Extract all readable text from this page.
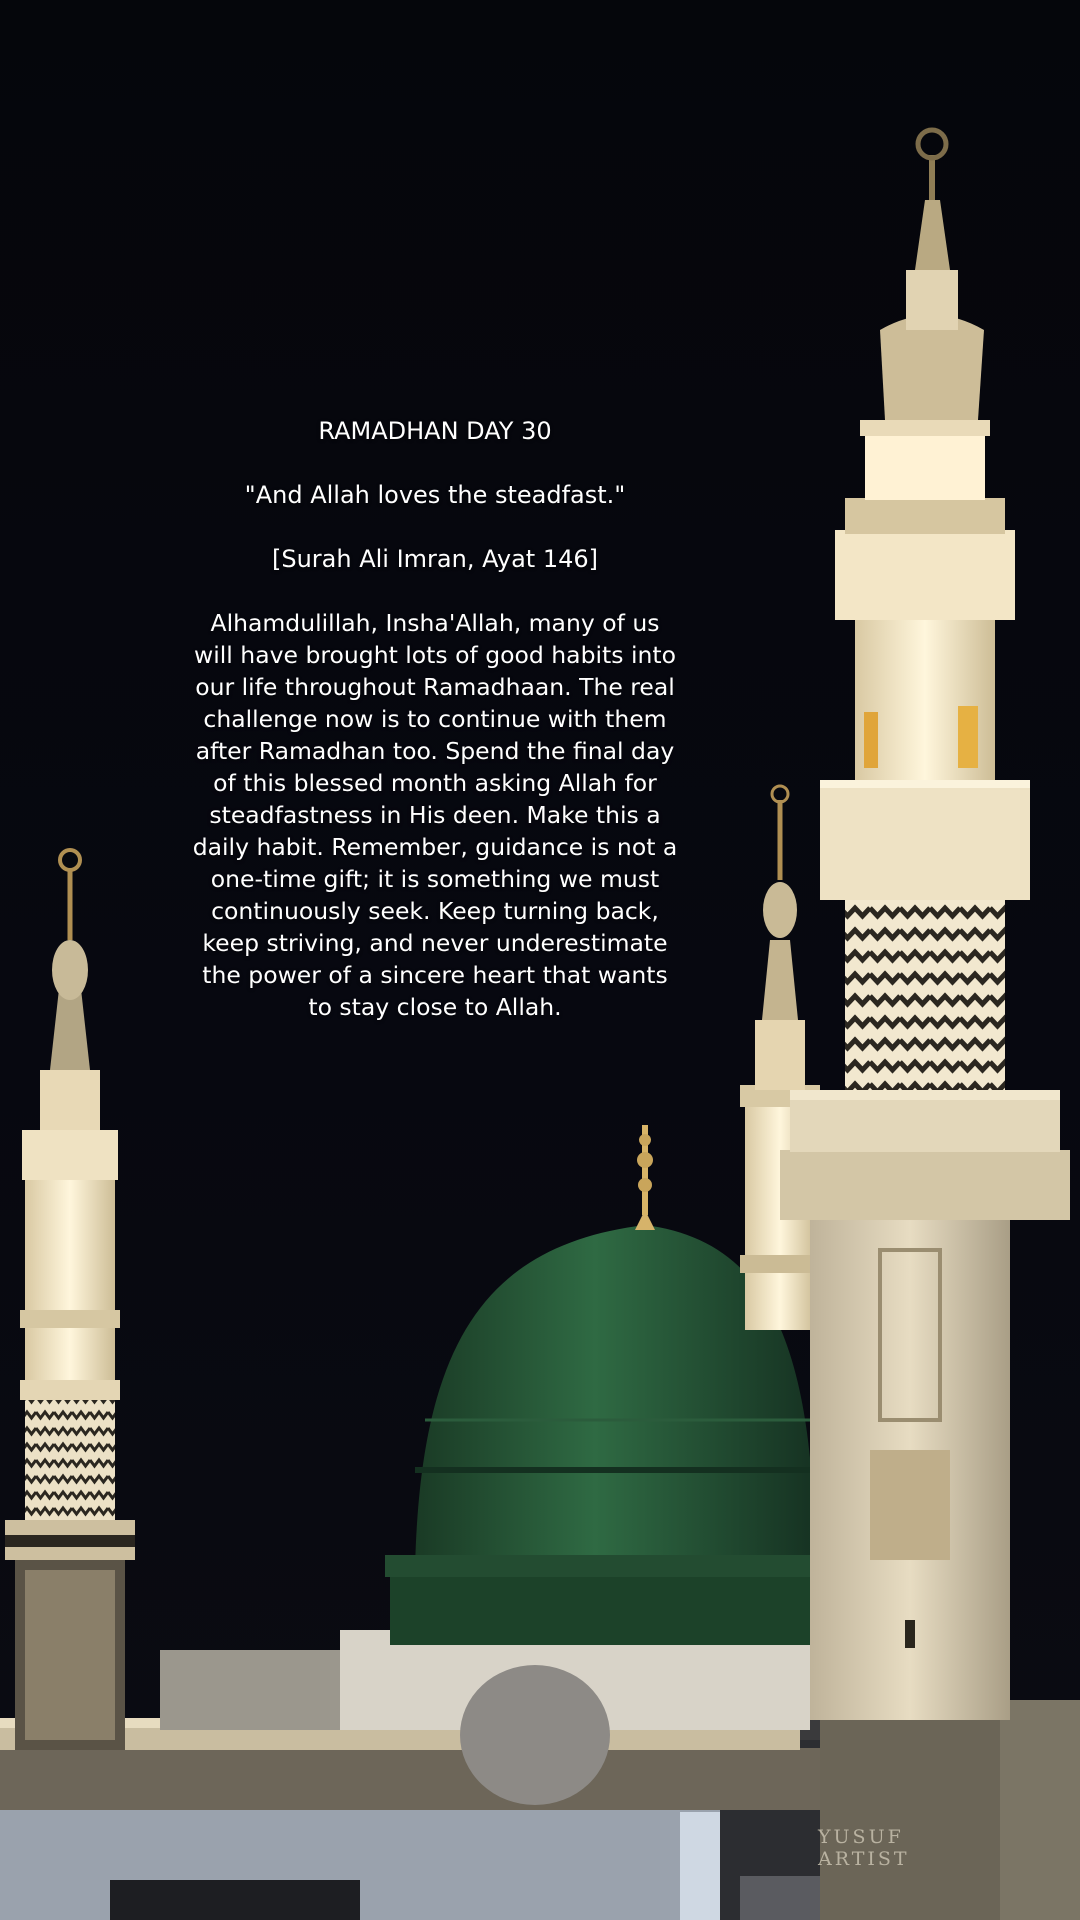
RAMADHAN DAY 30

"And Allah loves the steadfast."

[Surah Ali Imran, Ayat 146]

Alhamdulillah, Insha'Allah, many of us will have brought lots of good habits into our life throughout Ramadhaan. The real challenge now is to continue with them after Ramadhan too. Spend the final day of this blessed month asking Allah for steadfastness in His deen. Make this a daily habit. Remember, guidance is not a one-time gift; it is something we must continuously seek. Keep turning back, keep striving, and never underestimate the power of a sincere heart that wants to stay close to Allah.

YUSUF
ARTIST
